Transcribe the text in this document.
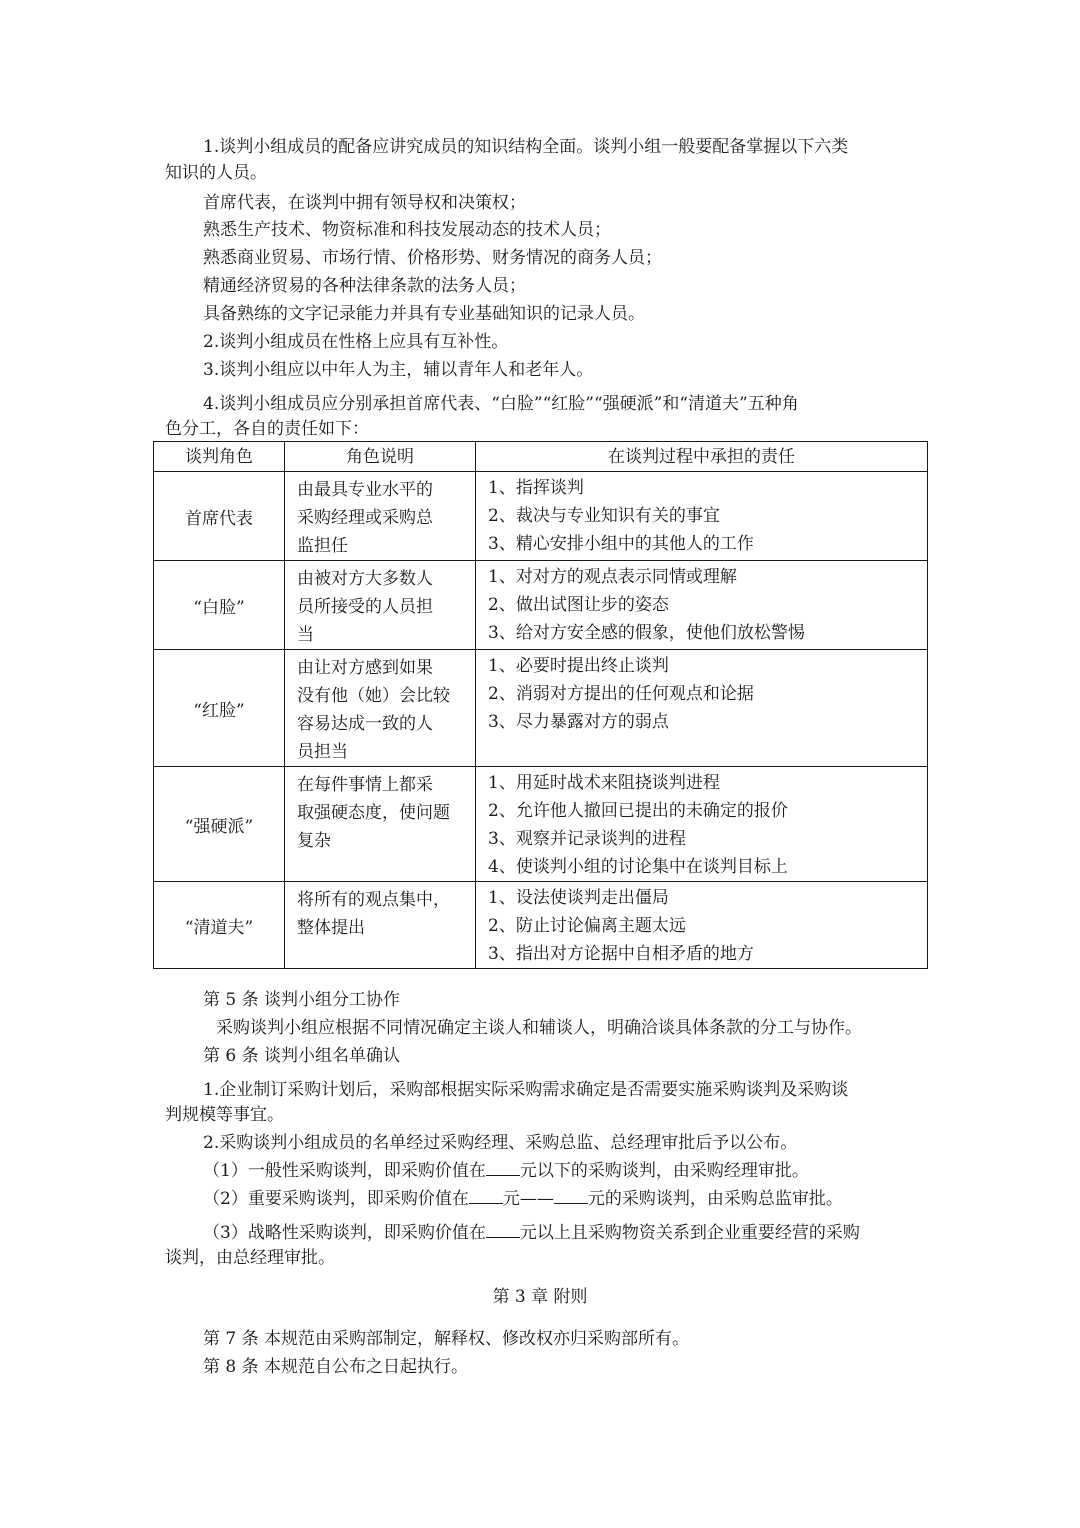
1.谈判小组成员的配备应讲究成员的知识结构全面。谈判小组一般要配备掌握以下六类

知识的人员。

首席代表，在谈判中拥有领导权和决策权；

熟悉生产技术、物资标准和科技发展动态的技术人员；

熟悉商业贸易、市场行情、价格形势、财务情况的商务人员；

精通经济贸易的各种法律条款的法务人员；

具备熟练的文字记录能力并具有专业基础知识的记录人员。

2.谈判小组成员在性格上应具有互补性。

3.谈判小组应以中年人为主，辅以青年人和老年人。

4.谈判小组成员应分别承担首席代表、“白脸”“红脸”“强硬派”和“清道夫”五种角

色分工，各自的责任如下：

谈判角色	角色说明	在谈判过程中承担的责任
首席代表	由最具专业水平的
采购经理或采购总
监担任	1、指挥谈判
2、裁决与专业知识有关的事宜
3、精心安排小组中的其他人的工作

“白脸”	由被对方大多数人
员所接受的人员担
当	1、对对方的观点表示同情或理解
2、做出试图让步的姿态
3、给对方安全感的假象，使他们放松警惕

“红脸”	由让对方感到如果
没有他（她）会比较
容易达成一致的人
员担当	1、必要时提出终止谈判
2、消弱对方提出的任何观点和论据
3、尽力暴露对方的弱点

“强硬派”	在每件事情上都采
取强硬态度，使问题
复杂	1、用延时战术来阻挠谈判进程
2、允许他人撤回已提出的未确定的报价
3、观察并记录谈判的进程
4、使谈判小组的讨论集中在谈判目标上

“清道夫”	将所有的观点集中，
整体提出	1、设法使谈判走出僵局
2、防止讨论偏离主题太远
3、指出对方论据中自相矛盾的地方

第 5 条 谈判小组分工协作

采购谈判小组应根据不同情况确定主谈人和辅谈人，明确洽谈具体条款的分工与协作。

第 6 条 谈判小组名单确认

1.企业制订采购计划后，采购部根据实际采购需求确定是否需要实施采购谈判及采购谈

判规模等事宜。

2.采购谈判小组成员的名单经过采购经理、采购总监、总经理审批后予以公布。

（1）一般性采购谈判，即采购价值在 元以下的采购谈判，由采购经理审批。

（2）重要采购谈判，即采购价值在 元—— 元的采购谈判，由采购总监审批。

（3）战略性采购谈判，即采购价值在 元以上且采购物资关系到企业重要经营的采购

谈判，由总经理审批。

第 3 章 附则

第 7 条 本规范由采购部制定，解释权、修改权亦归采购部所有。

第 8 条 本规范自公布之日起执行。
